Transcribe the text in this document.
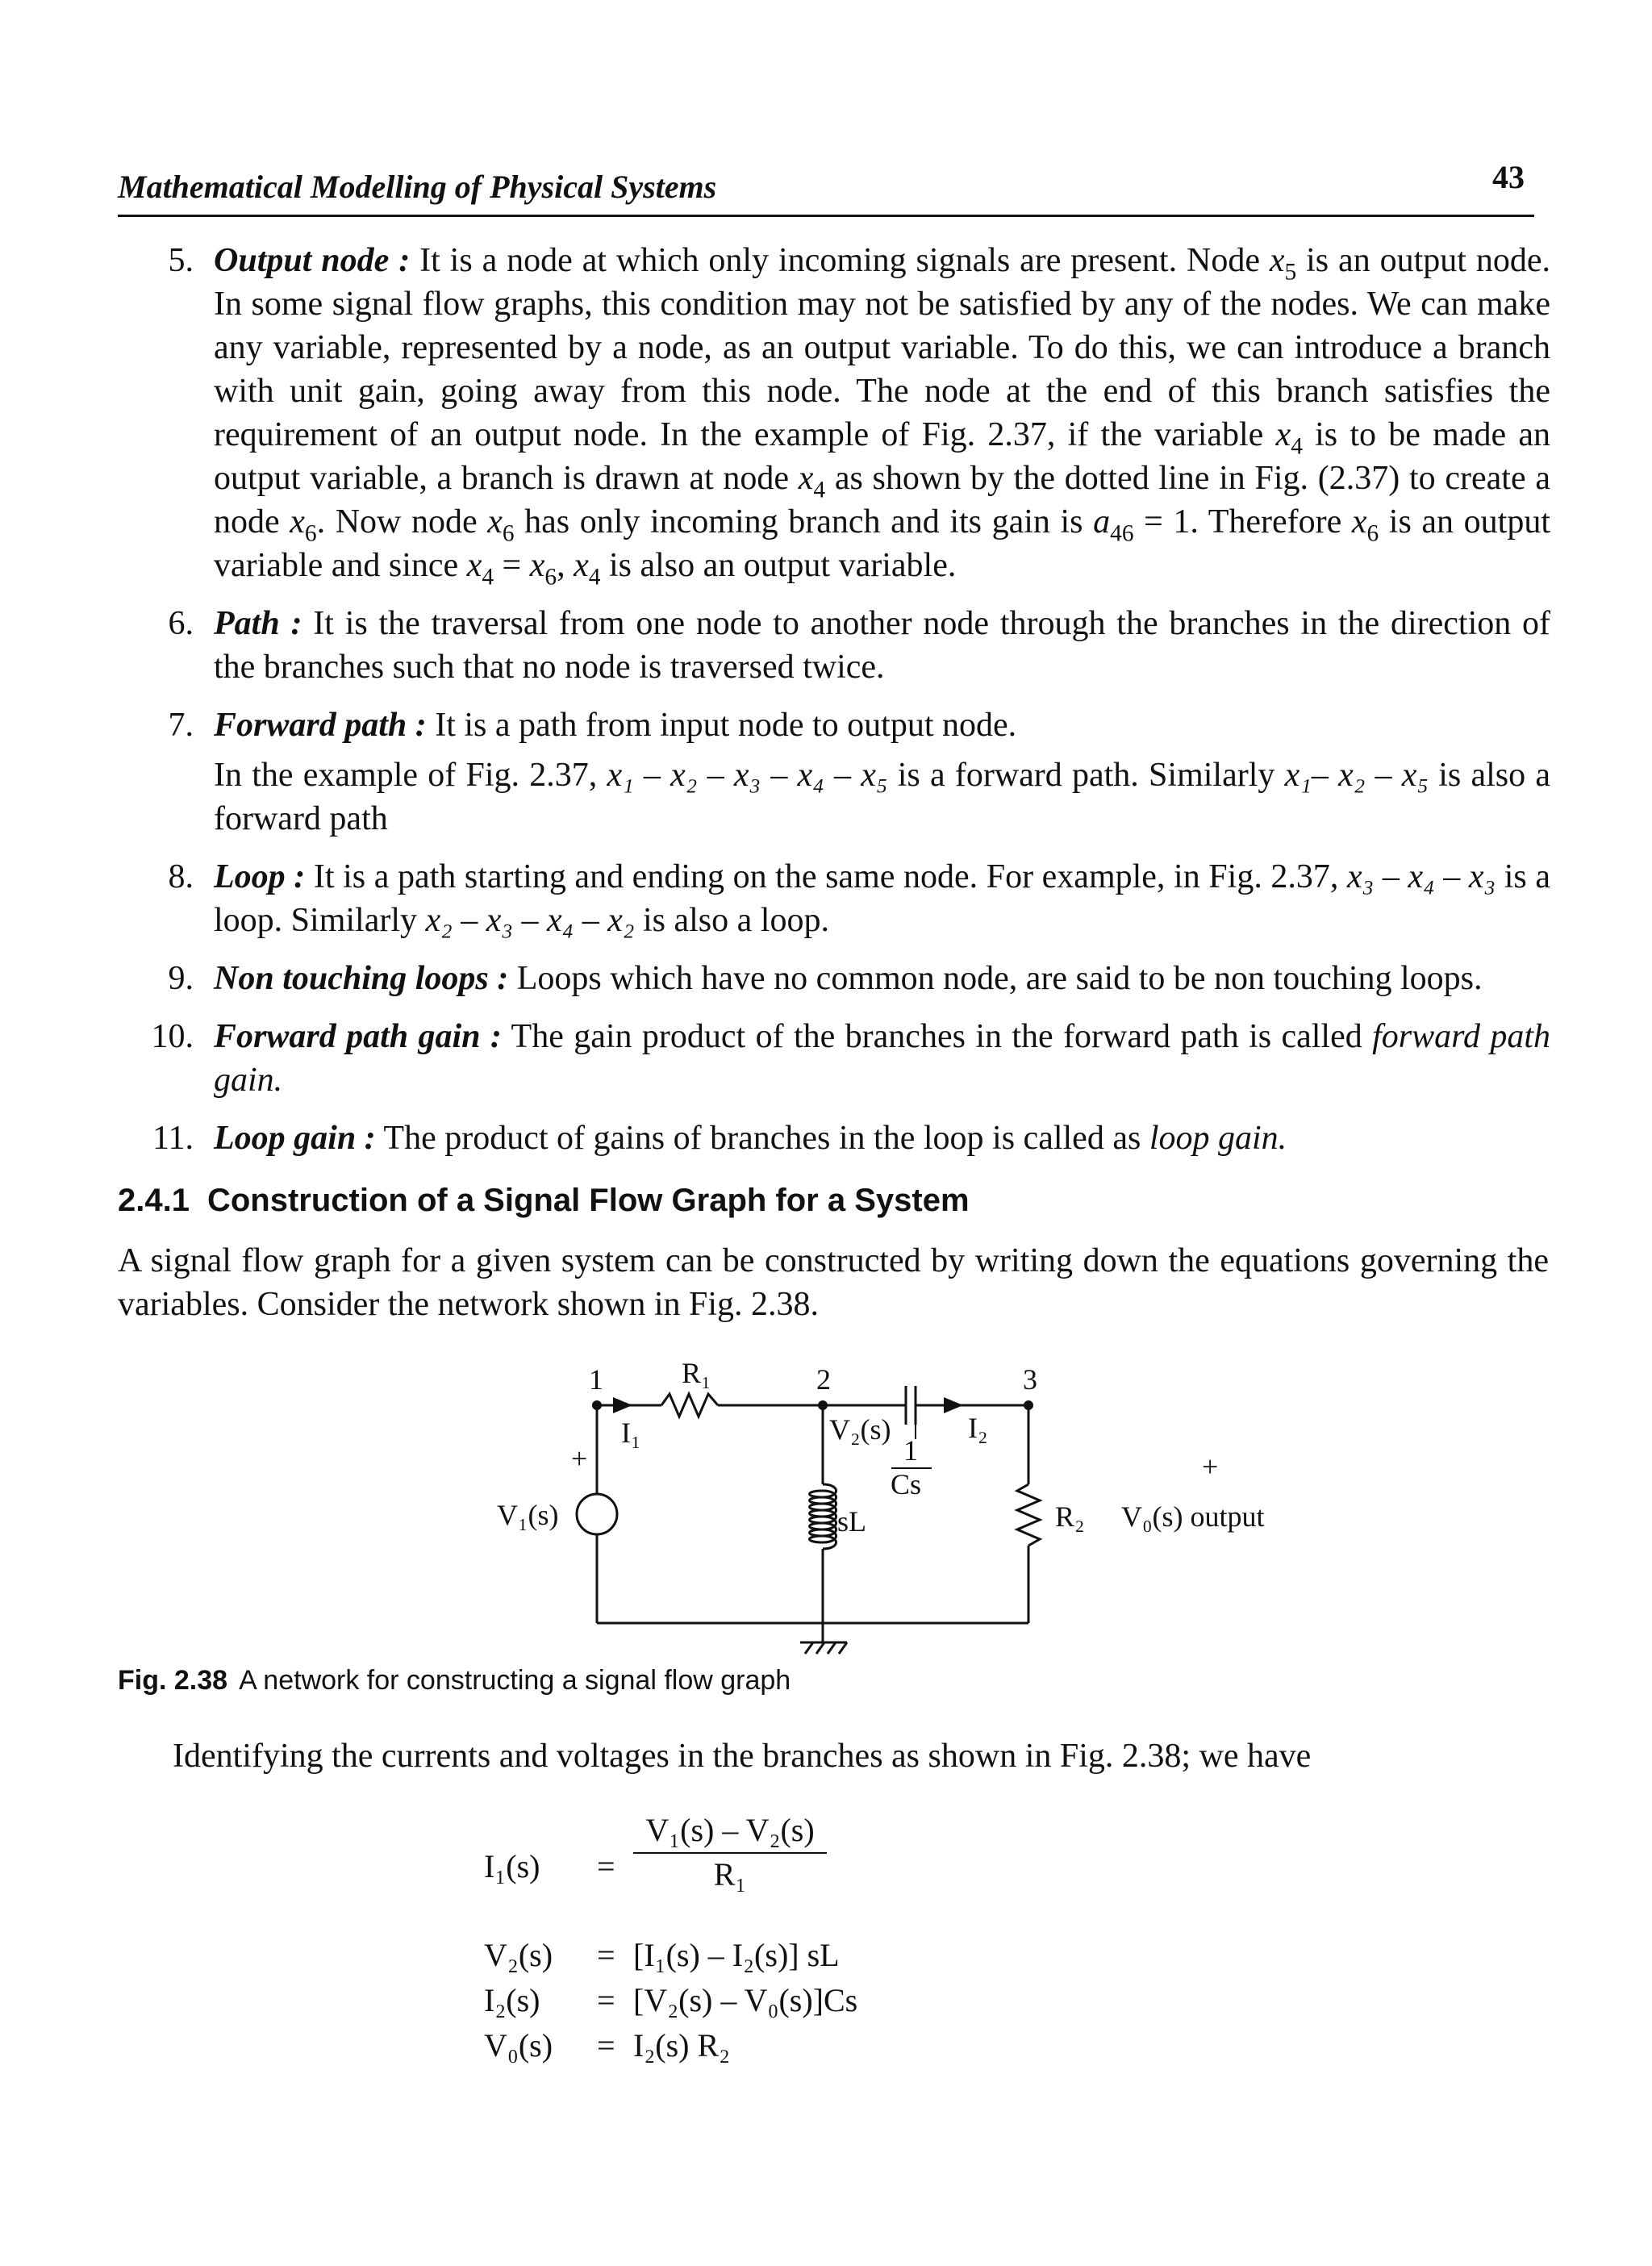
Mathematical Modelling of Physical Systems	43
5. Output node : It is a node at which only incoming signals are present. Node $x_5$ is an output node. In some signal flow graphs, this condition may not be satisfied by any of the nodes. We can make any variable, represented by a node, as an output variable. To do this, we can introduce a branch with unit gain, going away from this node. The node at the end of this branch satisfies the requirement of an output node. In the example of Fig. 2.37, if the variable $x_4$ is to be made an output variable, a branch is drawn at node $x_4$ as shown by the dotted line in Fig. (2.37) to create a node $x_6$. Now node $x_6$ has only incoming branch and its gain is $a_{46} = 1$. Therefore $x_6$ is an output variable and since $x_4 = x_6$, $x_4$ is also an output variable.
6. Path : It is the traversal from one node to another node through the branches in the direction of the branches such that no node is traversed twice.
7. Forward path : It is a path from input node to output node.
In the example of Fig. 2.37, x₁ – x₂ – x₃ – x₄ – x₅ is a forward path. Similarly x₁– x₂ – x₅ is also a forward path
8. Loop : It is a path starting and ending on the same node. For example, in Fig. 2.37, x₃ – x₄ – x₃ is a loop. Similarly x₂ – x₃ – x₄ – x₂ is also a loop.
9. Non touching loops : Loops which have no common node, are said to be non touching loops.
10. Forward path gain : The gain product of the branches in the forward path is called forward path gain.
11. Loop gain : The product of gains of branches in the loop is called as loop gain.
2.4.1 Construction of a Signal Flow Graph for a System
A signal flow graph for a given system can be constructed by writing down the equations governing the variables. Consider the network shown in Fig. 2.38.
1	R₁	2	3
I₁	I₂
V₂(s)
1
Cs
+
V₁(s)	sL	R₂
+
V₀(s) output
Fig. 2.38 A network for constructing a signal flow graph
Identifying the currents and voltages in the branches as shown in Fig. 2.38; we have
$I_1(s) = \frac{\text{V₁(s) – V₂(s)}}{\text{R₁}}$
V₂(s) = [I₁(s) – I₂(s)] sL
I₂(s) = [V₂(s) – V₀(s)]Cs
V₀(s) = I₂(s) R₂
